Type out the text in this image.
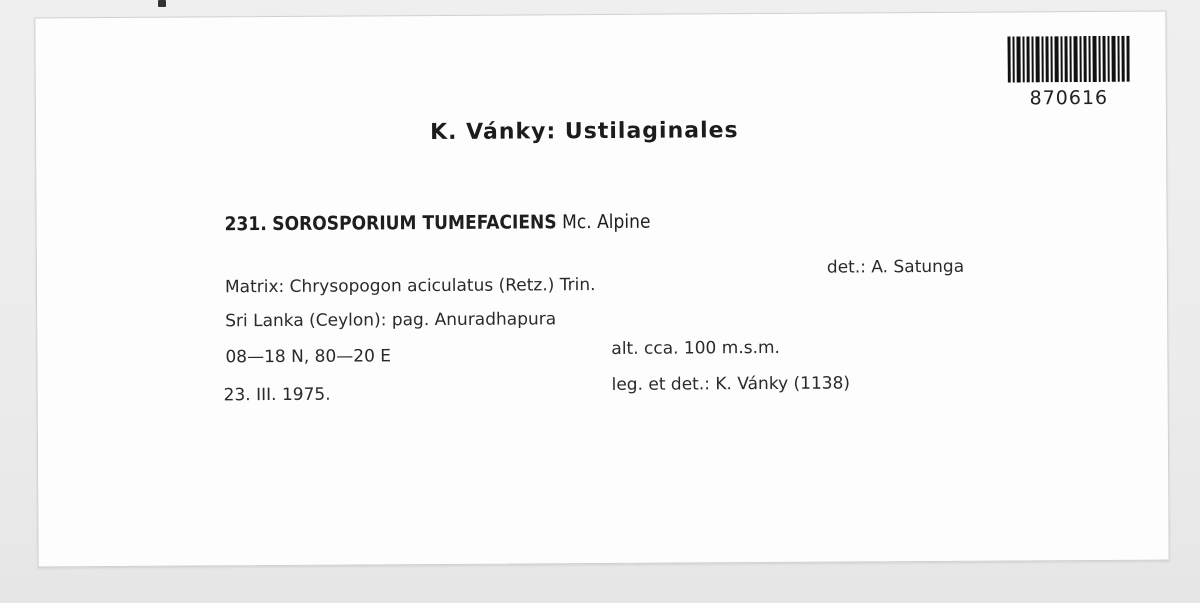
870616
K. Vánky: Ustilaginales
231. SOROSPORIUM TUMEFACIENS Mc. Alpine
Matrix: Chrysopogon aciculatus (Retz.) Trin.
det.: A. Satunga
Sri Lanka (Ceylon): pag. Anuradhapura
08—18 N, 80—20 E	alt. cca. 100 m.s.m.
23. III. 1975.
leg. et det.: K. Vánky (1138)
